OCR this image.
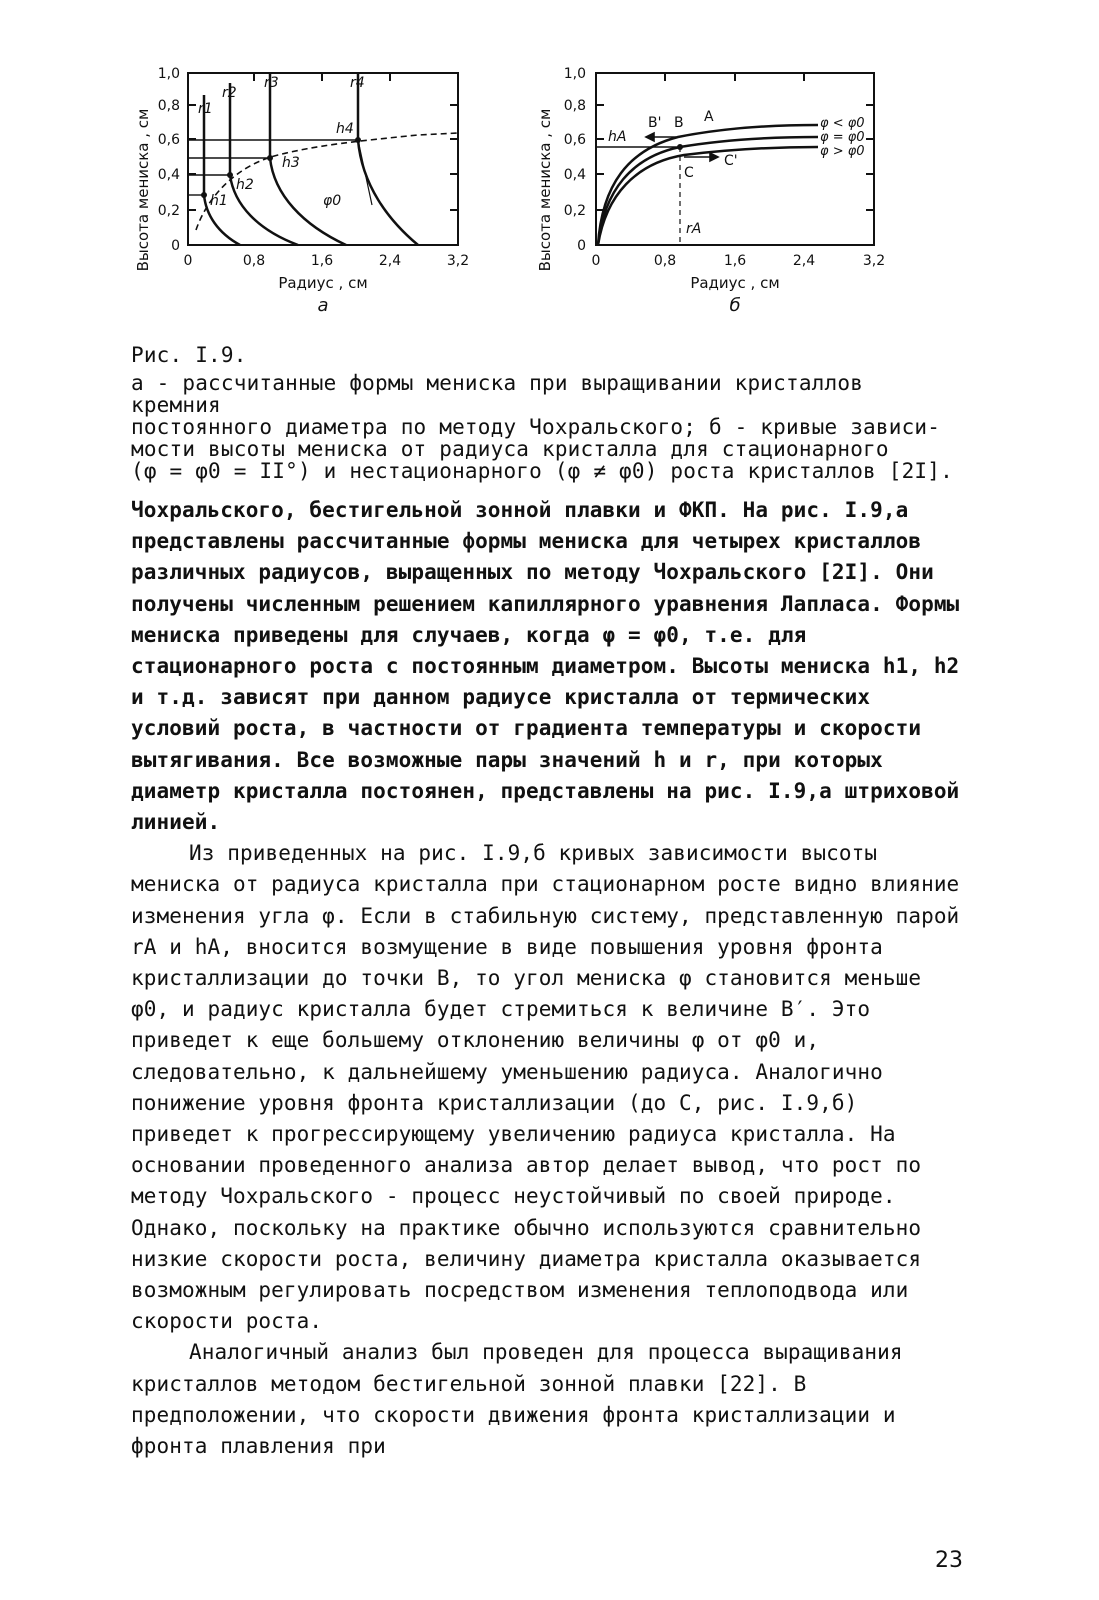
Высота мениска , см 0
0,2
0,4
0,6
0,8
1,0
0	0,8	1,6	2,4	3,2
r1
r2
r3	r4
h1
h2
h3
h4
φ0
Радиус , см
а
Высота мениска , см 0
0,2
0,4
0,6
0,8
1,0
0	0,8	1,6	2,4	3,2
hA
B' B A
C
C'
rA
φ < φ0
φ = φ0
φ > φ0
Радиус , см
б
Рис. I.9.

а - рассчитанные формы мениска при выращивании кристаллов кремния

постоянного диаметра по методу Чохральского; б - кривые зависи-

мости высоты мениска от радиуса кристалла для стационарного

(φ = φ0 = II°) и нестационарного (φ ≠ φ0) роста кристаллов [2I].

Чохральского, бестигельной зонной плавки и ФКП. На рис. I.9,а представлены рассчитанные формы мениска для четырех кристаллов различных радиусов, выращенных по методу Чохральского [2I]. Они получены численным решением капиллярного уравнения Лапласа. Формы мениска приведены для случаев, когда φ = φ0, т.е. для стационарного роста с постоянным диаметром. Высоты мениска h1, h2 и т.д. зависят при данном радиусе кристалла от термических условий роста, в частности от градиента температуры и скорости вытягивания. Все возможные пары значений h и r, при которых диаметр кристалла постоянен, представлены на рис. I.9,а штриховой линией.

Из приведенных на рис. I.9,б кривых зависимости высоты мениска от радиуса кристалла при стационарном росте видно влияние изменения угла φ. Если в стабильную систему, представленную парой rA и hA, вносится возмущение в виде повышения уровня фронта кристаллизации до точки В, то угол мениска φ становится меньше φ0, и радиус кристалла будет стремиться к величине В′. Это приведет к еще большему отклонению величины φ от φ0 и, следовательно, к дальнейшему уменьшению радиуса. Аналогично понижение уровня фронта кристаллизации (до С, рис. I.9,б) приведет к прогрессирующему увеличению радиуса кристалла. На основании проведенного анализа автор делает вывод, что рост по методу Чохральского - процесс неустойчивый по своей природе. Однако, поскольку на практике обычно используются сравнительно низкие скорости роста, величину диаметра кристалла оказывается возможным регулировать посредством изменения теплоподвода или скорости роста.

Аналогичный анализ был проведен для процесса выращивания кристаллов методом бестигельной зонной плавки [22]. В предположении, что скорости движения фронта кристаллизации и фронта плавления при

23
